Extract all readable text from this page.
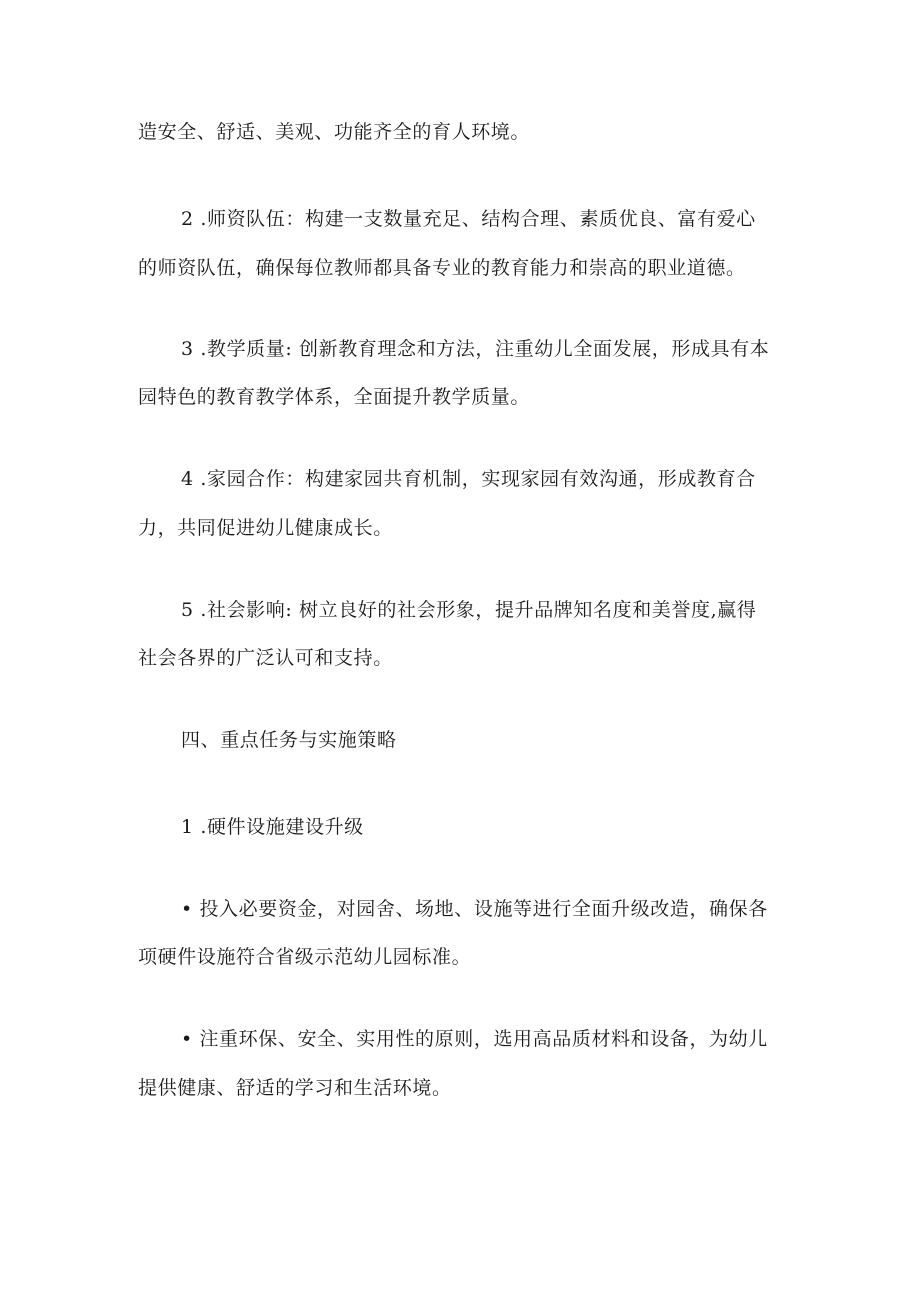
造安全、舒适、美观、功能齐全的育人环境。

2 .师资队伍：构建一支数量充足、结构合理、素质优良、富有爱心

的师资队伍，确保每位教师都具备专业的教育能力和崇高的职业道德。

3 .教学质量: 创新教育理念和方法，注重幼儿全面发展，形成具有本

园特色的教育教学体系，全面提升教学质量。

4 .家园合作：构建家园共育机制，实现家园有效沟通，形成教育合

力，共同促进幼儿健康成长。

5 .社会影响: 树立良好的社会形象，提升品牌知名度和美誉度,赢得

社会各界的广泛认可和支持。

四、重点任务与实施策略

1 .硬件设施建设升级

• 投入必要资金，对园舍、场地、设施等进行全面升级改造，确保各

项硬件设施符合省级示范幼儿园标准。

• 注重环保、安全、实用性的原则，选用高品质材料和设备，为幼儿

提供健康、舒适的学习和生活环境。
